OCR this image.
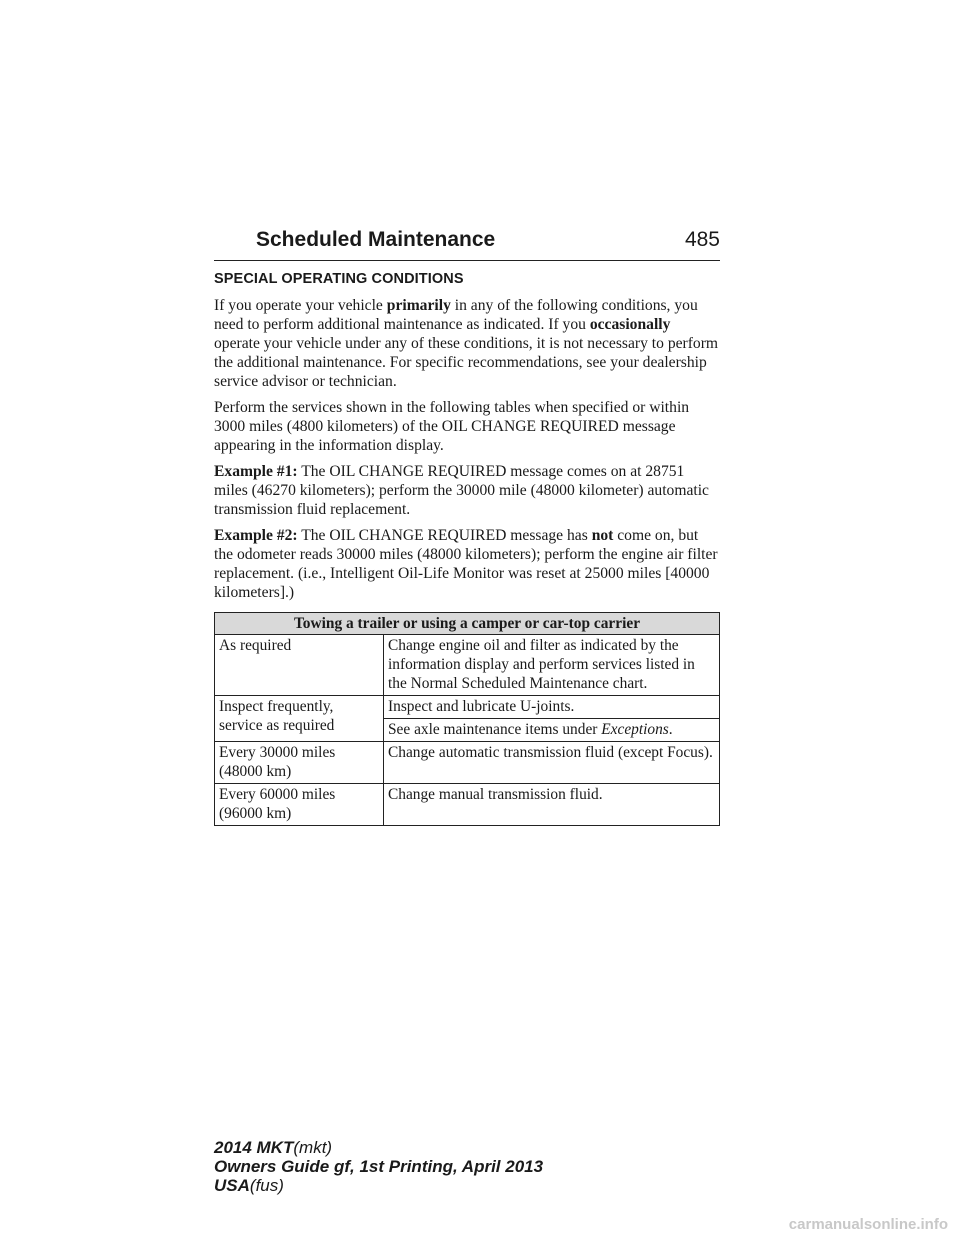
Scheduled Maintenance	485
SPECIAL OPERATING CONDITIONS

If you operate your vehicle primarily in any of the following conditions, you need to perform additional maintenance as indicated. If you occasionally operate your vehicle under any of these conditions, it is not necessary to perform the additional maintenance. For specific recommendations, see your dealership service advisor or technician.

Perform the services shown in the following tables when specified or within 3000 miles (4800 kilometers) of the OIL CHANGE REQUIRED message appearing in the information display.

Example #1: The OIL CHANGE REQUIRED message comes on at 28751 miles (46270 kilometers); perform the 30000 mile (48000 kilometer) automatic transmission fluid replacement.

Example #2: The OIL CHANGE REQUIRED message has not come on, but the odometer reads 30000 miles (48000 kilometers); perform the engine air filter replacement. (i.e., Intelligent Oil-Life Monitor was reset at 25000 miles [40000 kilometers].)

Towing a trailer or using a camper or car-top carrier	
As required	Change engine oil and filter as indicated by the information display and perform services listed in the Normal Scheduled Maintenance chart.
Inspect frequently, service as required	Inspect and lubricate U-joints.
	See axle maintenance items under Exceptions.
Every 30000 miles (48000 km)	Change automatic transmission fluid (except Focus).
Every 60000 miles (96000 km)	Change manual transmission fluid.
2014 MKT(mkt)
Owners Guide gf, 1st Printing, April 2013
USA(fus)
carmanualsonline.info
